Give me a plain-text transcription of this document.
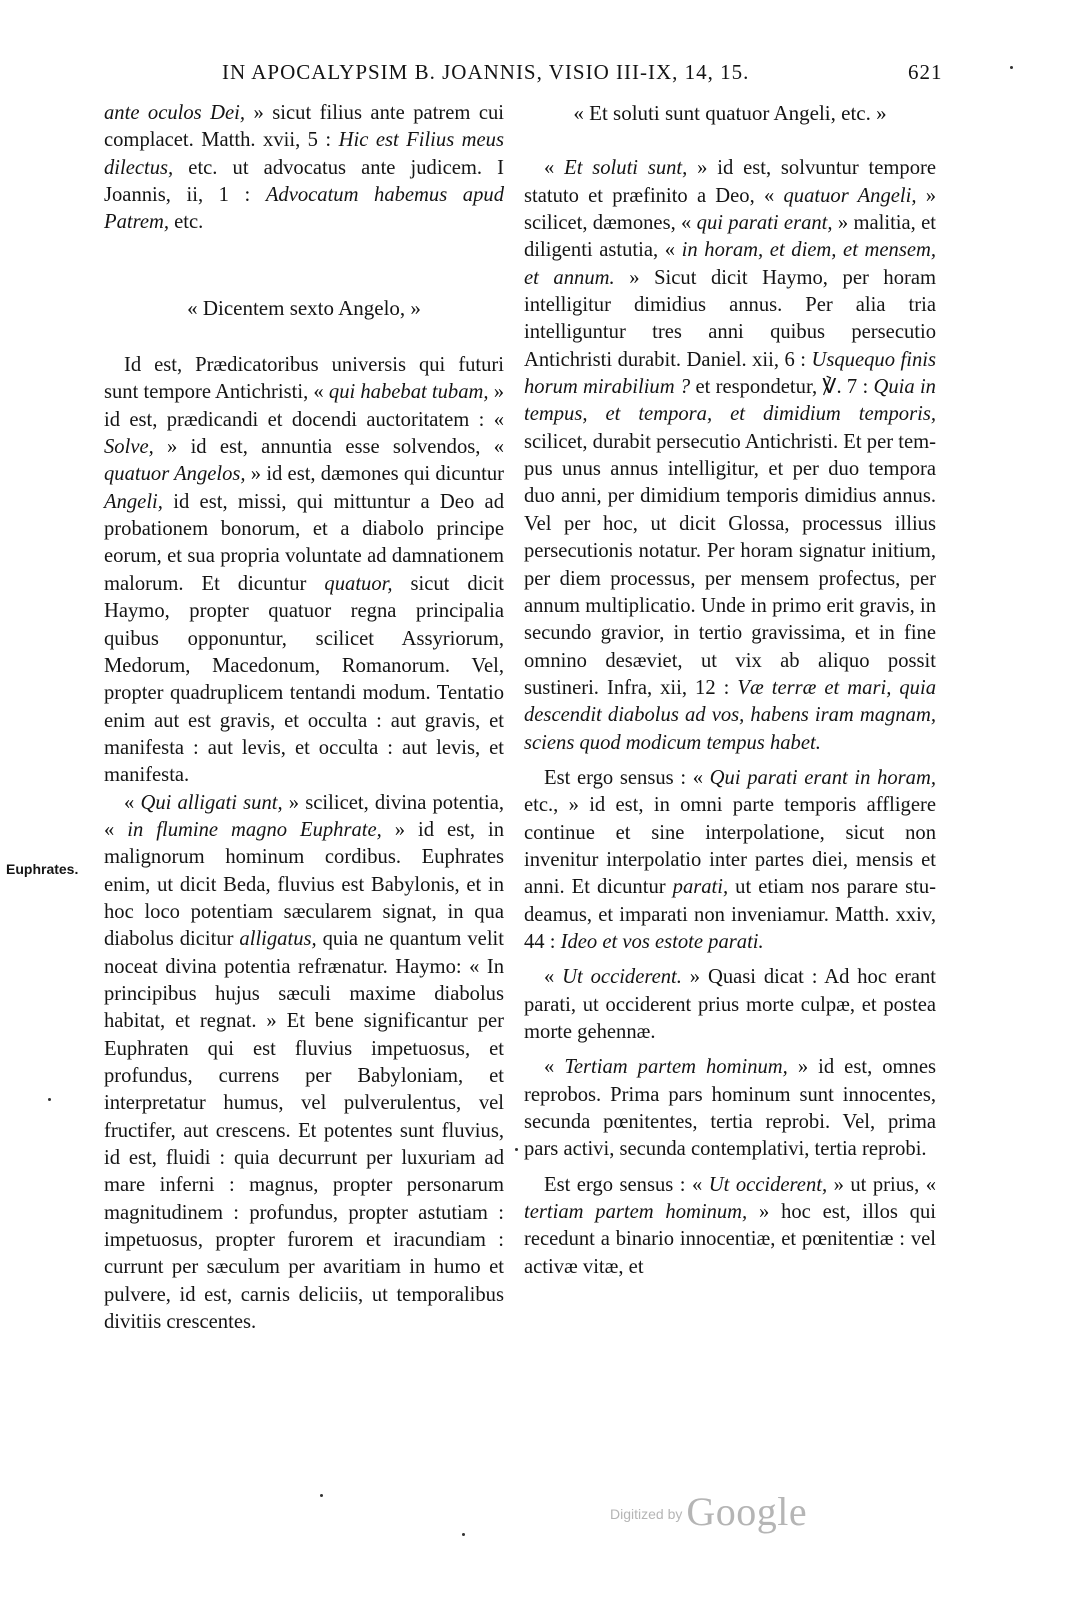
IN APOCALYPSIM B. JOANNIS, VISIO III-IX, 14, 15.	621

ante oculos Dei, » sicut filius ante patrem cui complacet. Matth. xvii, 5 : Hic est Filius meus dilectus, etc. ut advocatus ante judicem. I Joannis, ii, 1 : Advocatum habemus apud Patrem, etc.

« Dicentem sexto Angelo, »

Id est, Prædicatoribus universis qui futuri sunt tempore Antichristi, « qui habebat tubam, » id est, prædicandi et docendi auctoritatem : « Solve, » id est, annuntia esse solvendos, « quatuor Angelos, » id est, dæmones qui dicuntur Angeli, id est, missi, qui mittuntur a Deo ad probationem bonorum, et a diabolo principe eorum, et sua propria voluntate ad damnationem malorum. Et dicuntur quatuor, sicut dicit Haymo, propter quatuor regna principalia quibus opponuntur, scilicet Assyriorum, Medorum, Macedonum, Romanorum. Vel, propter quadruplicem tentandi modum. Tentatio enim aut est gravis, et occulta : aut gravis, et manifesta : aut levis, et occulta : aut levis, et manifesta.

« Qui alligati sunt, » scilicet, divina potentia, « in flumine magno Euphrate, » id est, in malignorum hominum cordibus. Euphrates enim, ut dicit Beda, fluvius est Babylonis, et in hoc loco potentiam sæcularem signat, in qua diabolus dicitur alligatus, quia ne quantum velit noceat divina potentia refrænatur. Haymo: « In principibus hujus sæculi maxime diabolus habitat, et regnat. » Et bene significantur per Euphraten qui est fluvius impetuosus, et profundus, currens per Babyloniam, et interpretatur humus, vel pulverulentus, vel fructifer, aut crescens. Et potentes sunt fluvius, id est, fluidi : quia decurrunt per luxuriam ad mare inferni : magnus, propter personarum magnitudinem : profundus, propter astutiam : impetuosus, propter furorem et iracundiam : currunt per sæculum per avaritiam in humo et pulvere, id est, carnis deliciis, ut temporalibus divitiis crescentes.

Euphrates.

« Et soluti sunt quatuor Angeli, etc. »

« Et soluti sunt, » id est, solvuntur tempore statuto et præfinito a Deo, « quatuor Angeli, » scilicet, dæmones, « qui parati erant, » malitia, et diligenti astutia, « in horam, et diem, et mensem, et annum. » Sicut dicit Haymo, per horam intelligitur dimidius annus. Per alia tria intelliguntur tres anni quibus persecutio Antichristi durabit. Daniel. xii, 6 : Usquequo finis horum mirabilium ? et respondetur, ℣. 7 : Quia in tempus, et tempora, et dimidium temporis, scilicet, durabit persecutio Antichristi. Et per tempus unus annus intelligitur, et per duo tempora duo anni, per dimidium temporis dimidius annus. Vel per hoc, ut dicit Glossa, processus illius persecutionis notatur. Per horam signatur initium, per diem processus, per mensem profectus, per annum multiplicatio. Unde in primo erit gravis, in secundo gravior, in tertio gravissima, et in fine omnino desæviet, ut vix ab aliquo possit sustineri. Infra, xii, 12 : Væ terræ et mari, quia descendit diabolus ad vos, habens iram magnam, sciens quod modicum tempus habet.

Est ergo sensus : « Qui parati erant in horam, etc., » id est, in omni parte temporis affligere continue et sine interpolatione, sicut non invenitur interpolatio inter partes diei, mensis et anni. Et dicuntur parati, ut etiam nos parare studeamus, et imparati non inveniamur. Matth. xxiv, 44 : Ideo et vos estote parati.

« Ut occiderent. » Quasi dicat : Ad hoc erant parati, ut occiderent prius morte culpæ, et postea morte gehennæ.

« Tertiam partem hominum, » id est, omnes reprobos. Prima pars hominum sunt innocentes, secunda pœnitentes, tertia reprobi. Vel, prima pars activi, secunda contemplativi, tertia reprobi.

Est ergo sensus : « Ut occiderent, » ut prius, « tertiam partem hominum, » hoc est, illos qui recedunt a binario innocentiæ, et pœnitentiæ : vel activæ vitæ, et

Digitized by Google
